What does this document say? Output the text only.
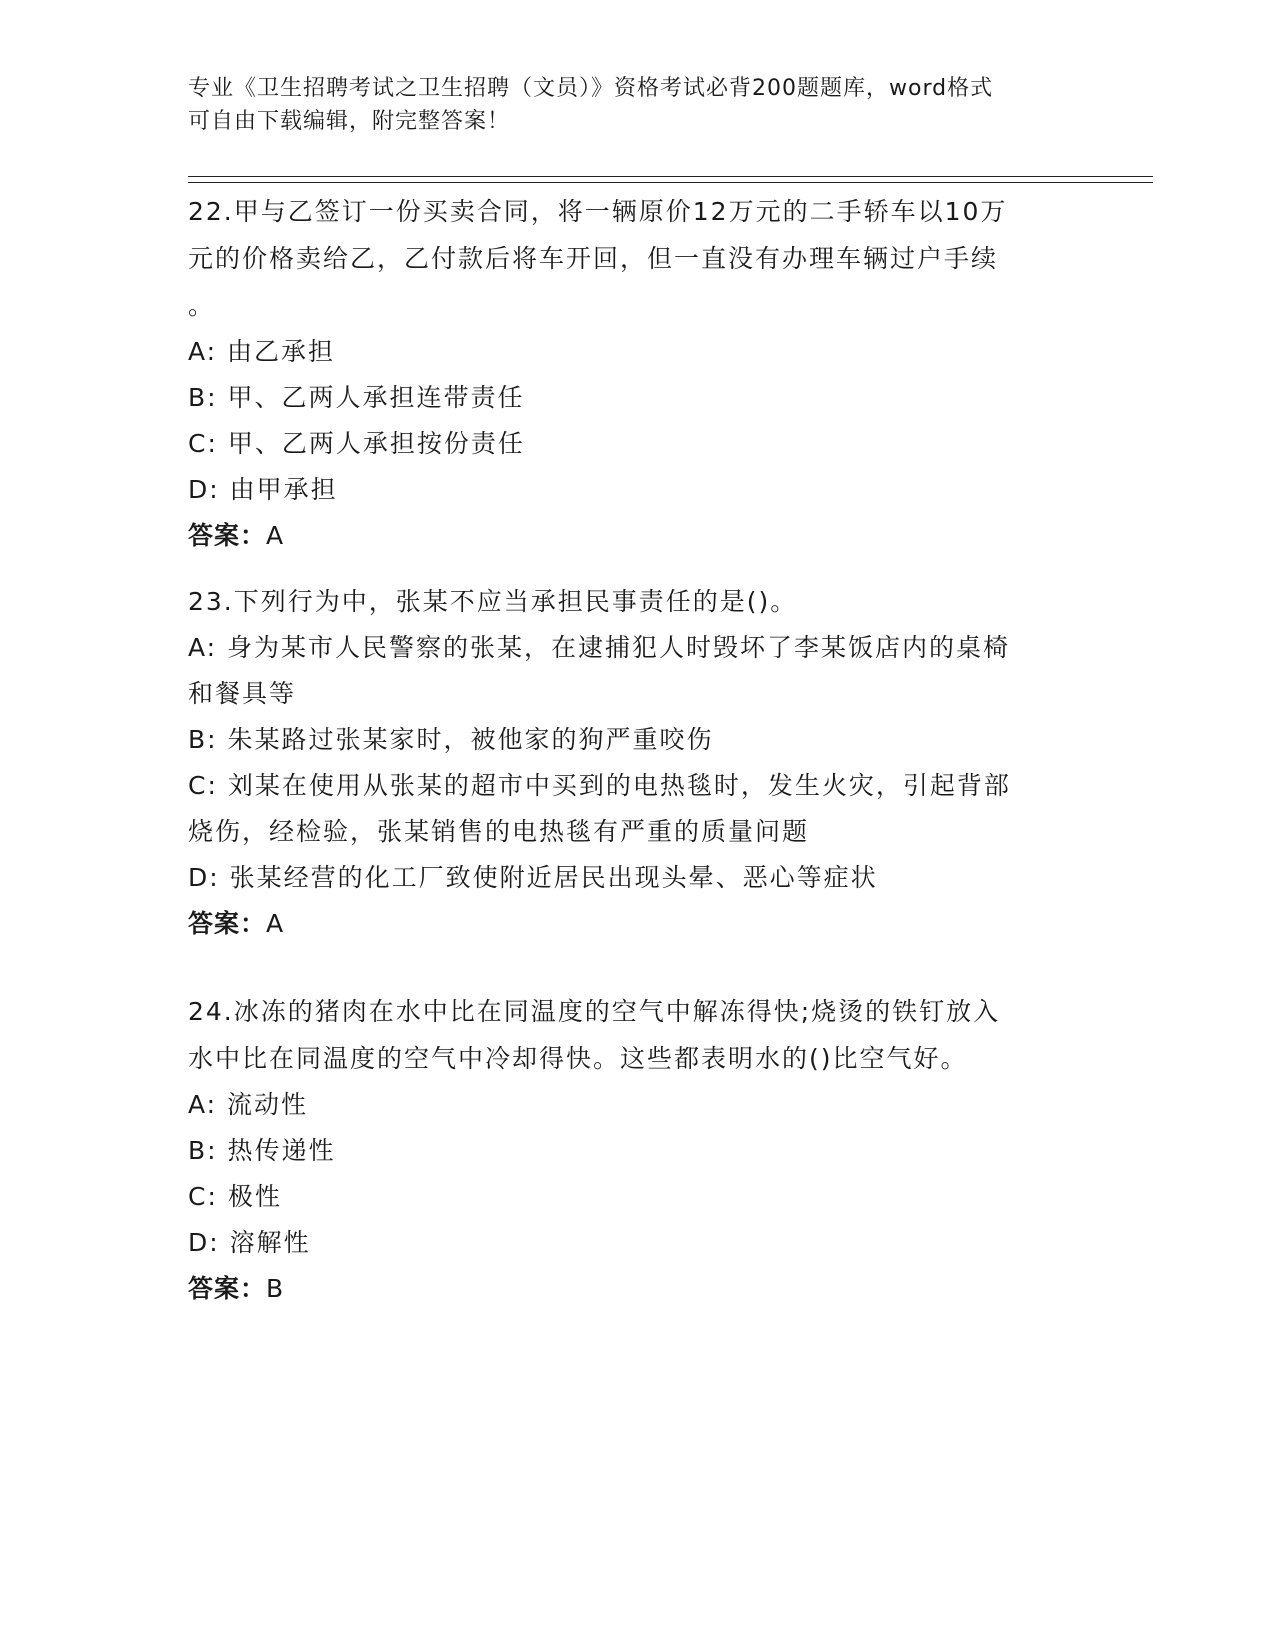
专业《卫生招聘考试之卫生招聘（文员）》资格考试必背200题题库，word格式
可自由下载编辑，附完整答案！

22.甲与乙签订一份买卖合同，将一辆原价12万元的二手轿车以10万
元的价格卖给乙，乙付款后将车开回，但一直没有办理车辆过户手续
。

A: 由乙承担

B: 甲、乙两人承担连带责任

C: 甲、乙两人承担按份责任

D: 由甲承担

答案：A

23.下列行为中，张某不应当承担民事责任的是()。

A: 身为某市人民警察的张某，在逮捕犯人时毁坏了李某饭店内的桌椅
和餐具等

B: 朱某路过张某家时，被他家的狗严重咬伤

C: 刘某在使用从张某的超市中买到的电热毯时，发生火灾，引起背部
烧伤，经检验，张某销售的电热毯有严重的质量问题

D: 张某经营的化工厂致使附近居民出现头晕、恶心等症状

答案：A

24.冰冻的猪肉在水中比在同温度的空气中解冻得快;烧烫的铁钉放入
水中比在同温度的空气中冷却得快。这些都表明水的()比空气好。

A: 流动性

B: 热传递性

C: 极性

D: 溶解性

答案：B
